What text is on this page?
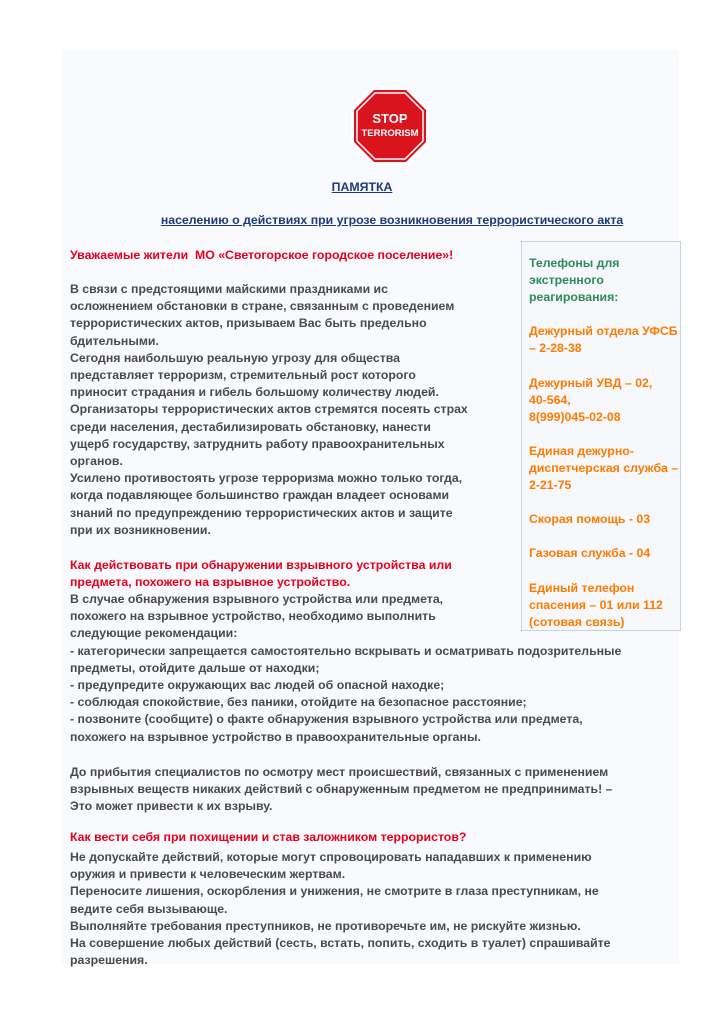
STOP
TERRORISM
ПАМЯТКА
населению о действиях при угрозе возникновения террористического акта
Уважаемые жители  МО «Светогорское городское поселение»!
В связи с предстоящими майскими праздниками ис
осложнением обстановки в стране, связанным с проведением
террористических актов, призываем Вас быть предельно
бдительными.
Сегодня наибольшую реальную угрозу для общества
представляет терроризм, стремительный рост которого
приносит страдания и гибель большому количеству людей.
Организаторы террористических актов стремятся посеять страх
среди населения, дестабилизировать обстановку, нанести
ущерб государству, затруднить работу правоохранительных
органов.
Усилено противостоять угрозе терроризма можно только тогда,
когда подавляющее большинство граждан владеет основами
знаний по предупреждению террористических актов и защите
при их возникновении.
Как действовать при обнаружении взрывного устройства или
предмета, похожего на взрывное устройство.
В случае обнаружения взрывного устройства или предмета,
похожего на взрывное устройство, необходимо выполнить
следующие рекомендации:
- категорически запрещается самостоятельно вскрывать и осматривать подозрительные
предметы, отойдите дальше от находки;
- предупредите окружающих вас людей об опасной находке;
- соблюдая спокойствие, без паники, отойдите на безопасное расстояние;
- позвоните (сообщите) о факте обнаружения взрывного устройства или предмета,
похожего на взрывное устройство в правоохранительные органы.
До прибытия специалистов по осмотру мест происшествий, связанных с применением
взрывных веществ никаких действий с обнаруженным предметом не предпринимать! –
Это может привести к их взрыву.
Как вести себя при похищении и став заложником террористов?
Не допускайте действий, которые могут спровоцировать нападавших к применению
оружия и привести к человеческим жертвам.
Переносите лишения, оскорбления и унижения, не смотрите в глаза преступникам, не
ведите себя вызывающе.
Выполняйте требования преступников, не противоречьте им, не рискуйте жизнью.
На совершение любых действий (сесть, встать, попить, сходить в туалет) спрашивайте
разрешения.
Телефоны для
экстренного
реагирования:
Дежурный отдела УФСБ
– 2-28-38
Дежурный УВД – 02,
40-564,
8(999)045-02-08
Единая дежурно-
диспетчерская служба –
2-21-75
Скорая помощь - 03
Газовая служба - 04
Единый телефон
спасения – 01 или 112
(сотовая связь)
